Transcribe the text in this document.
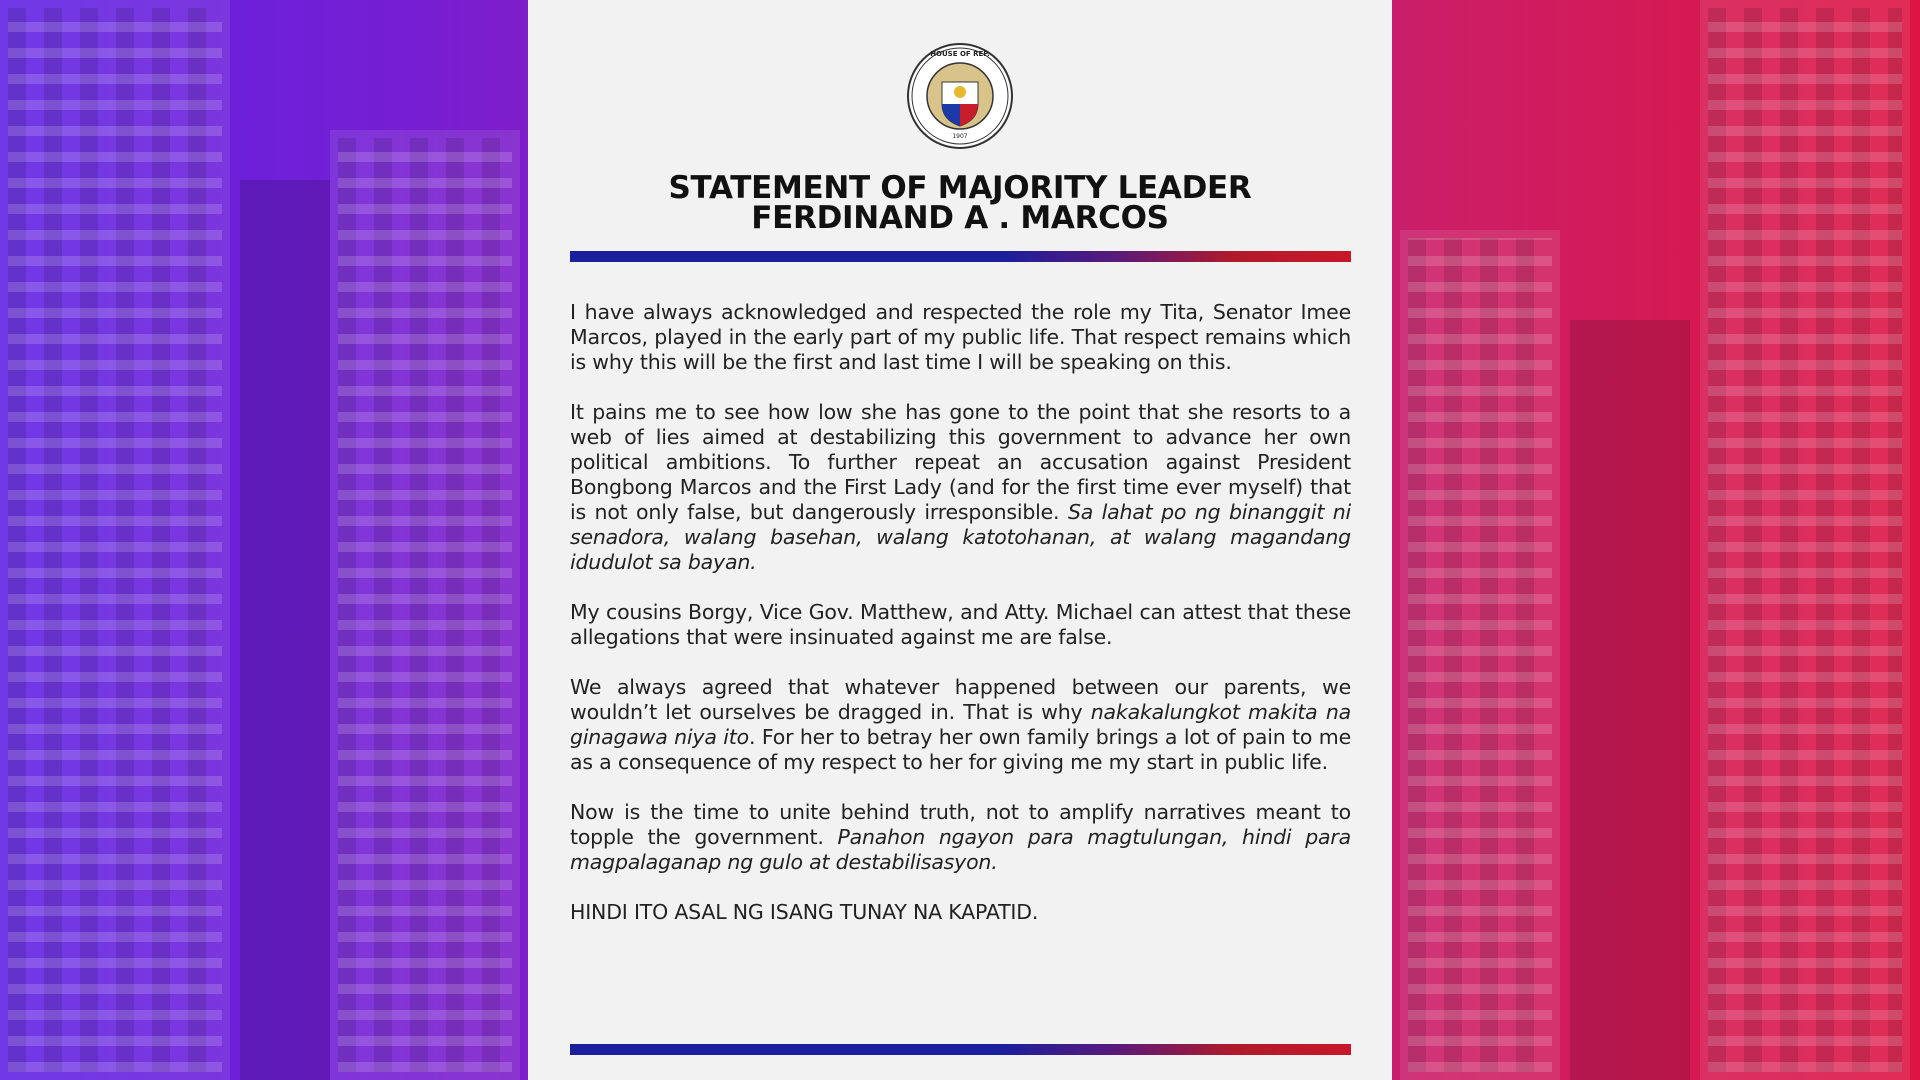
1907
HOUSE OF REP.
STATEMENT OF MAJORITY LEADER
FERDINAND A . MARCOS

I have always acknowledged and respected the role my Tita, Senator Imee Marcos, played in the early part of my public life. That respect remains which is why this will be the first and last time I will be speaking on this.

It pains me to see how low she has gone to the point that she resorts to a web of lies aimed at destabilizing this government to advance her own political ambitions. To further repeat an accusation against President Bongbong Marcos and the First Lady (and for the first time ever myself) that is not only false, but dangerously irresponsible. Sa lahat po ng binanggit ni senadora, walang basehan, walang katotohanan, at walang magandang idudulot sa bayan.

My cousins Borgy, Vice Gov. Matthew, and Atty. Michael can attest that these allegations that were insinuated against me are false.

We always agreed that whatever happened between our parents, we wouldn’t let ourselves be dragged in. That is why nakakalungkot makita na ginagawa niya ito. For her to betray her own family brings a lot of pain to me as a consequence of my respect to her for giving me my start in public life.

Now is the time to unite behind truth, not to amplify narratives meant to topple the government. Panahon ngayon para magtulungan, hindi para magpalaganap ng gulo at destabilisasyon.

HINDI ITO ASAL NG ISANG TUNAY NA KAPATID.
